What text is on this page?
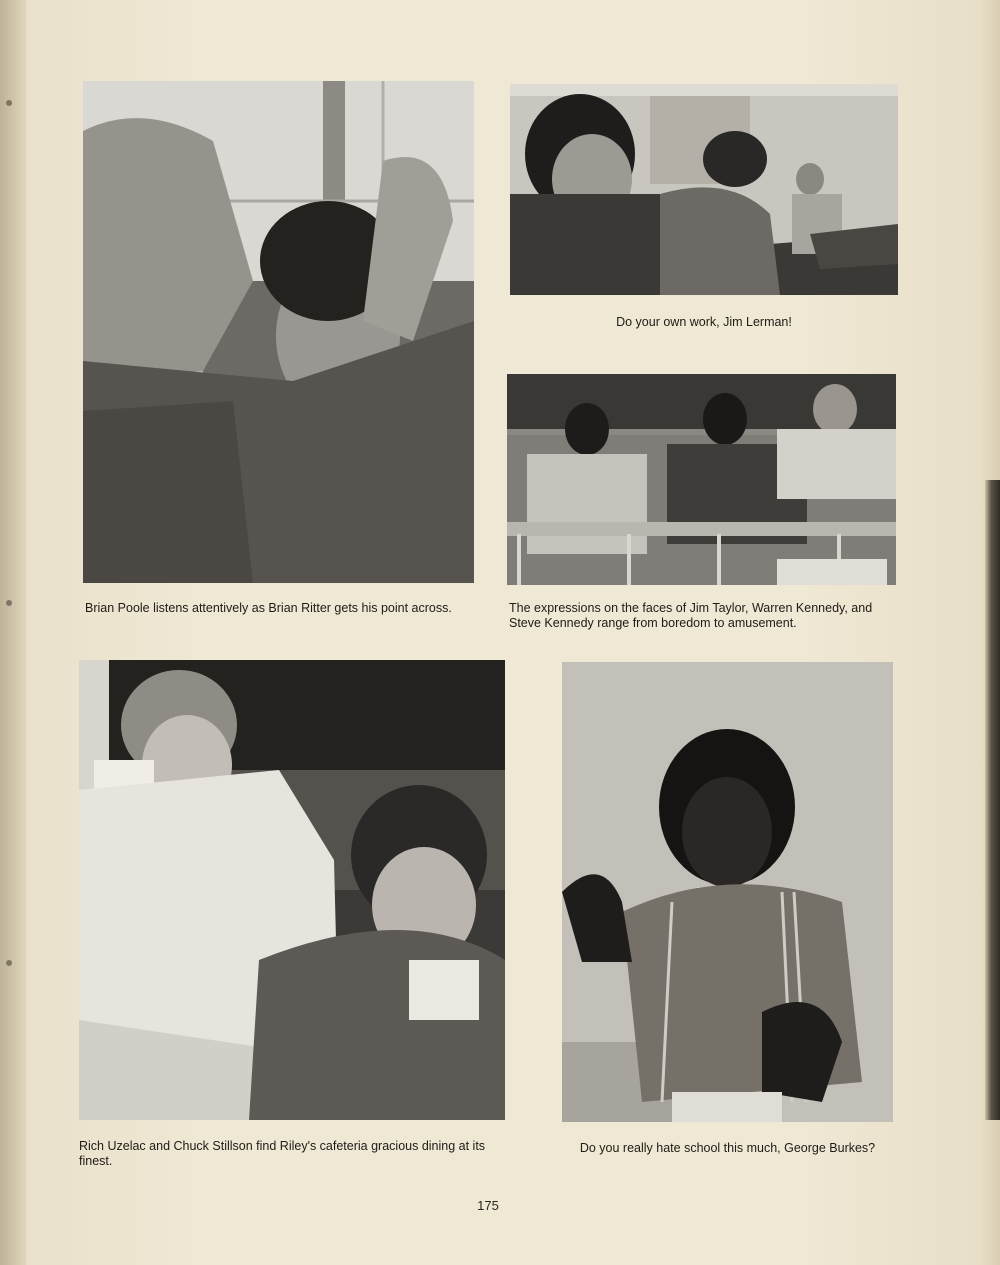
Brian Poole listens attentively as Brian Ritter gets his point across.
Do your own work, Jim Lerman!
The expressions on the faces of Jim Taylor, Warren Kennedy, and Steve Kennedy range from boredom to amusement.
Rich Uzelac and Chuck Stillson find Riley's cafeteria gracious dining at its finest.
Do you really hate school this much, George Burkes?
175
